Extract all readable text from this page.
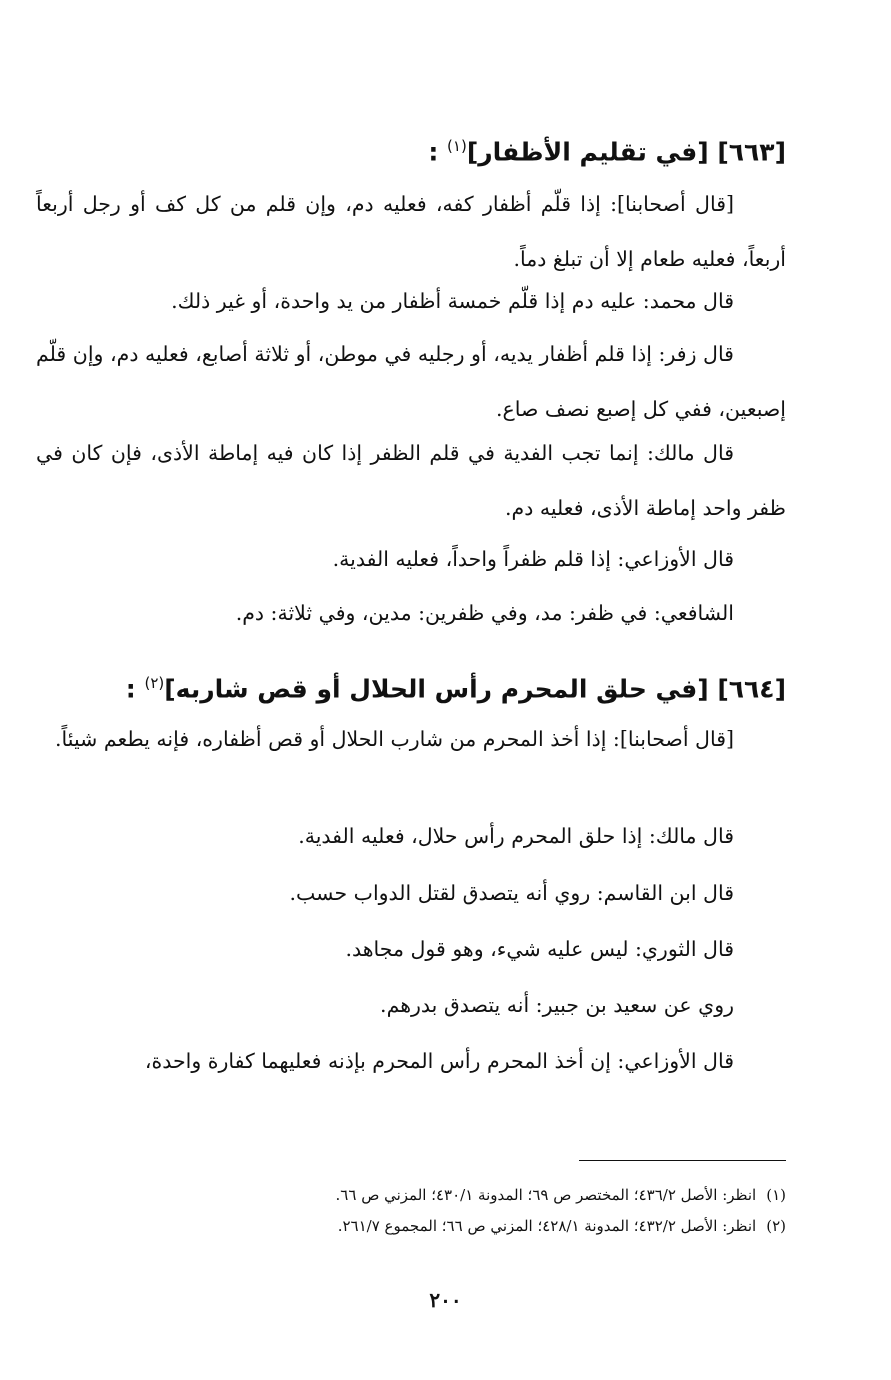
[٦٦٣] [في تقليم الأظفار]$^{(١)}$ :
[قال أصحابنا]: إذا قلّم أظفار كفه، فعليه دم، وإن قلم من كل كف أو رجل أربعاً أربعاً، فعليه طعام إلا أن تبلغ دماً.
قال محمد: عليه دم إذا قلّم خمسة أظفار من يد واحدة، أو غير ذلك.
قال زفر: إذا قلم أظفار يديه، أو رجليه في موطن، أو ثلاثة أصابع، فعليه دم، وإن قلّم إصبعين، ففي كل إصبع نصف صاع.
قال مالك: إنما تجب الفدية في قلم الظفر إذا كان فيه إماطة الأذى، فإن كان في ظفر واحد إماطة الأذى، فعليه دم.
قال الأوزاعي: إذا قلم ظفراً واحداً، فعليه الفدية.
الشافعي: في ظفر: مد، وفي ظفرين: مدين، وفي ثلاثة: دم.
[٦٦٤] [في حلق المحرم رأس الحلال أو قص شاربه]$^{(٢)}$ :
[قال أصحابنا]: إذا أخذ المحرم من شارب الحلال أو قص أظفاره، فإنه يطعم شيئاً.
قال مالك: إذا حلق المحرم رأس حلال، فعليه الفدية.
قال ابن القاسم: روي أنه يتصدق لقتل الدواب حسب.
قال الثوري: ليس عليه شيء، وهو قول مجاهد.
روي عن سعيد بن جبير: أنه يتصدق بدرهم.
قال الأوزاعي: إن أخذ المحرم رأس المحرم بإذنه فعليهما كفارة واحدة،
(١)انظر: الأصل ٤٣٦/٢؛ المختصر ص ٦٩؛ المدونة ٤٣٠/١؛ المزني ص ٦٦.
(٢)انظر: الأصل ٤٣٢/٢؛ المدونة ٤٢٨/١؛ المزني ص ٦٦؛ المجموع ٢٦١/٧.
٢٠٠
